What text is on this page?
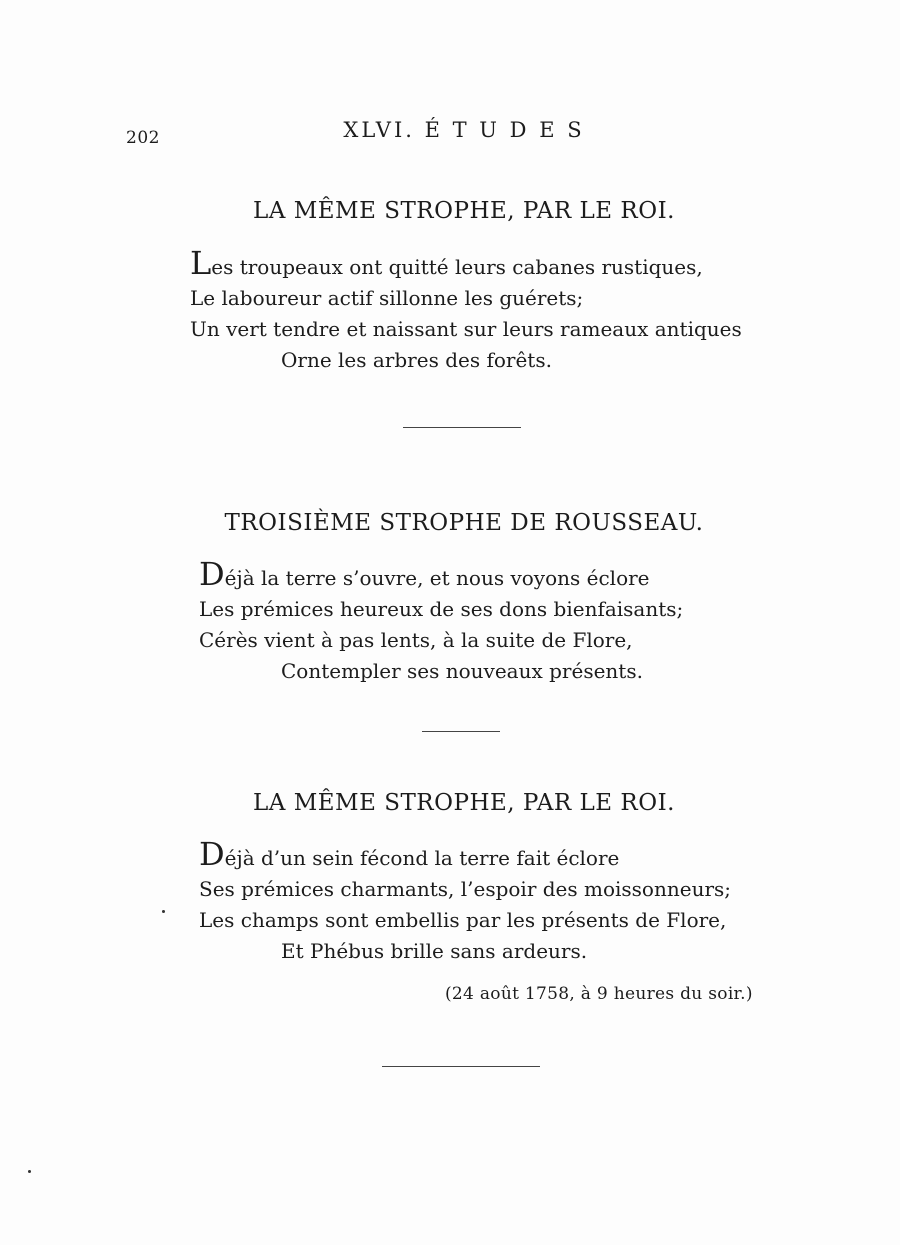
202	XLVI. É T U D E S
LA MÊME STROPHE, PAR LE ROI.
Les troupeaux ont quitté leurs cabanes rustiques,
Le laboureur actif sillonne les guérets;
Un vert tendre et naissant sur leurs rameaux antiques
Orne les arbres des forêts.
TROISIÈME STROPHE DE ROUSSEAU.
Déjà la terre s’ouvre, et nous voyons éclore
Les prémices heureux de ses dons bienfaisants;
Cérès vient à pas lents, à la suite de Flore,
Contempler ses nouveaux présents.
LA MÊME STROPHE, PAR LE ROI.
Déjà d’un sein fécond la terre fait éclore
Ses prémices charmants, l’espoir des moissonneurs;
Les champs sont embellis par les présents de Flore,
Et Phébus brille sans ardeurs.
(24 août 1758, à 9 heures du soir.)
